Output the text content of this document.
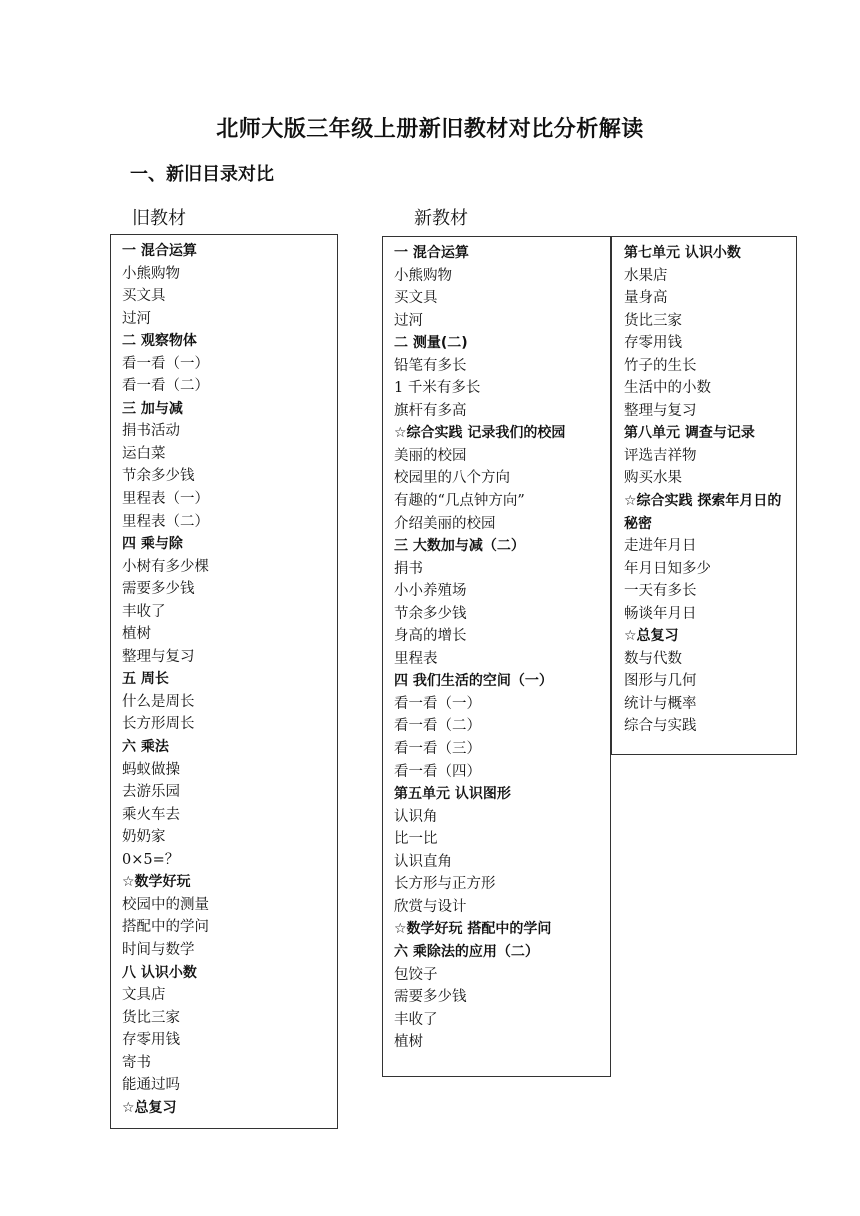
北师大版三年级上册新旧教材对比分析解读
一、新旧目录对比
旧教材	新教材
一 混合运算
小熊购物
买文具
过河
二 观察物体
看一看（一）
看一看（二）
三 加与减
捐书活动
运白菜
节余多少钱
里程表（一）
里程表（二）
四 乘与除
小树有多少棵
需要多少钱
丰收了
植树
整理与复习
五 周长
什么是周长
长方形周长
六 乘法
蚂蚁做操
去游乐园
乘火车去
奶奶家
0×5=？
☆数学好玩
校园中的测量
搭配中的学问
时间与数学
八 认识小数
文具店
货比三家
存零用钱
寄书
能通过吗
☆总复习
一 混合运算
小熊购物
买文具
过河
二 测量(二)
铅笔有多长
1 千米有多长
旗杆有多高
☆综合实践 记录我们的校园
美丽的校园
校园里的八个方向
有趣的“几点钟方向”
介绍美丽的校园
三 大数加与减（二）
捐书
小小养殖场
节余多少钱
身高的增长
里程表
四 我们生活的空间（一）
看一看（一）
看一看（二）
看一看（三）
看一看（四）
第五单元 认识图形
认识角
比一比
认识直角
长方形与正方形
欣赏与设计
☆数学好玩 搭配中的学问
六 乘除法的应用（二）
包饺子
需要多少钱
丰收了
植树
第七单元 认识小数
水果店
量身高
货比三家
存零用钱
竹子的生长
生活中的小数
整理与复习
第八单元 调查与记录
评选吉祥物
购买水果
☆综合实践 探索年月日的秘密
走进年月日
年月日知多少
一天有多长
畅谈年月日
☆总复习
数与代数
图形与几何
统计与概率
综合与实践
